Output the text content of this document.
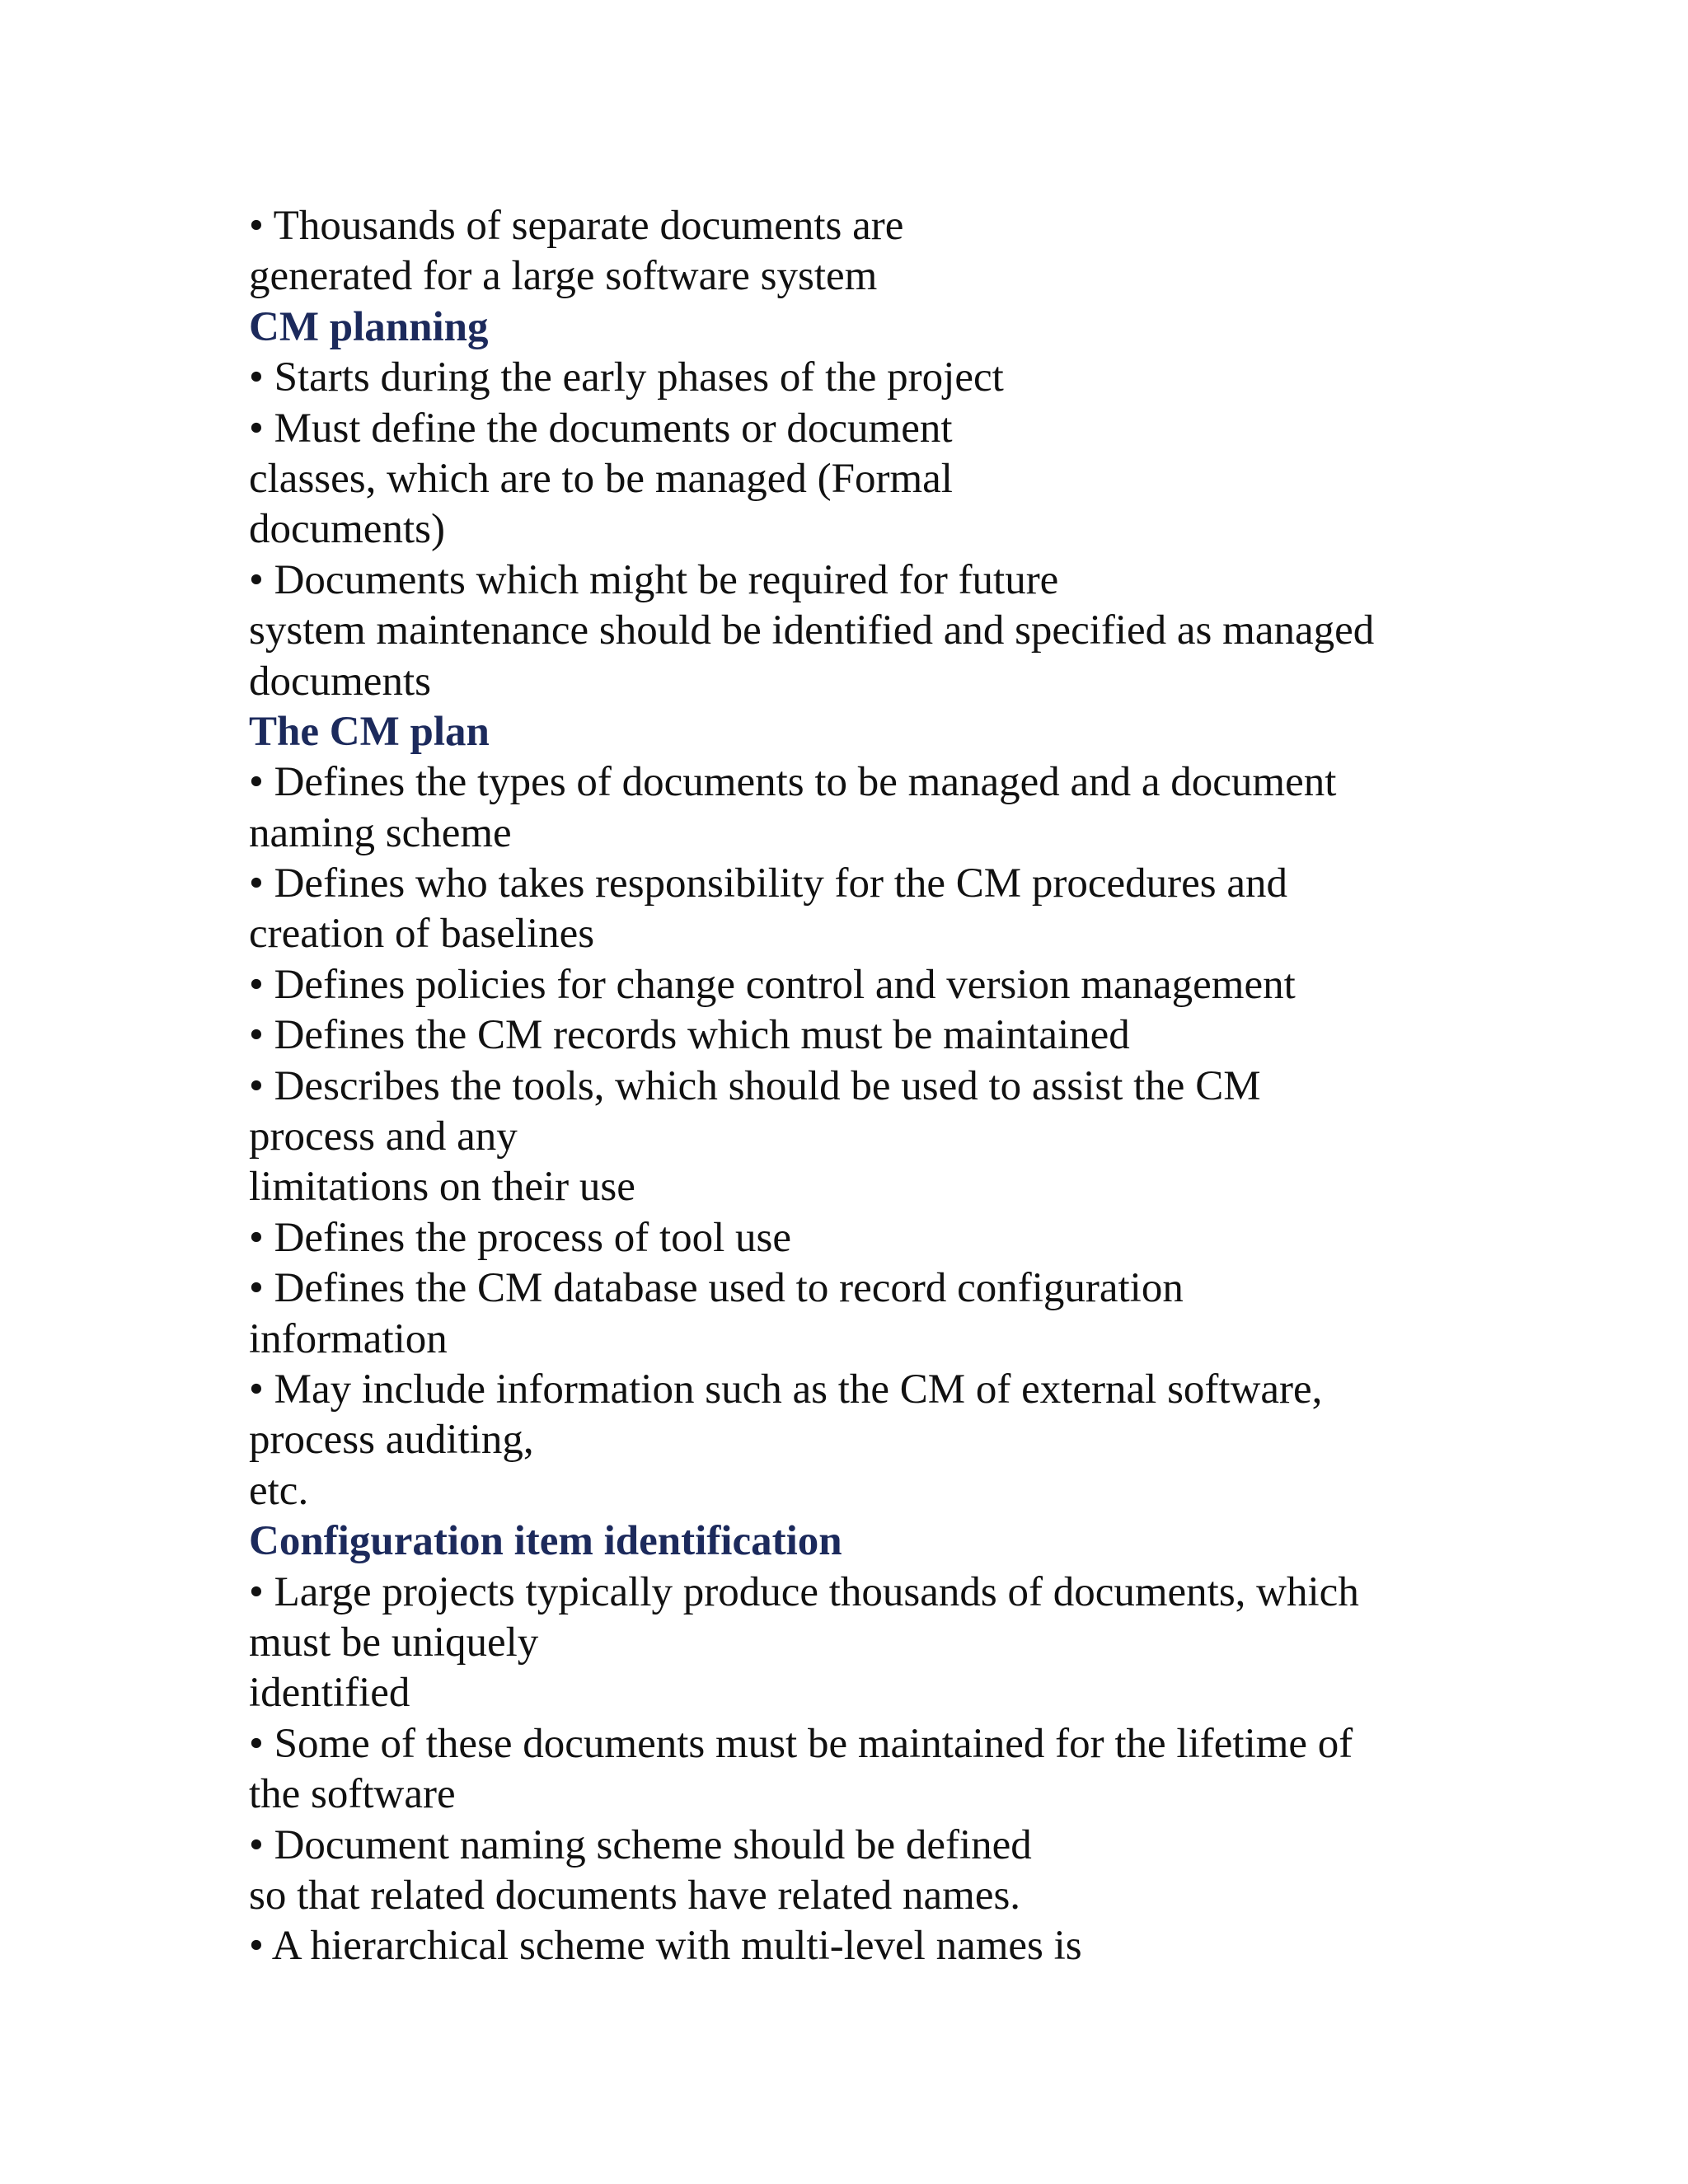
• Thousands of separate documents are
generated for a large software system
CM planning
• Starts during the early phases of the project
• Must define the documents or document
classes, which are to be managed (Formal
documents)
• Documents which might be required for future
system maintenance should be identified and specified as managed
documents
The CM plan
• Defines the types of documents to be managed and a document
naming scheme
• Defines who takes responsibility for the CM procedures and
creation of baselines
• Defines policies for change control and version management
• Defines the CM records which must be maintained
• Describes the tools, which should be used to assist the CM
process and any
limitations on their use
• Defines the process of tool use
• Defines the CM database used to record configuration
information
• May include information such as the CM of external software,
process auditing,
etc.
Configuration item identification
• Large projects typically produce thousands of documents, which
must be uniquely
identified
• Some of these documents must be maintained for the lifetime of
the software
• Document naming scheme should be defined
so that related documents have related names.
• A hierarchical scheme with multi-level names is
